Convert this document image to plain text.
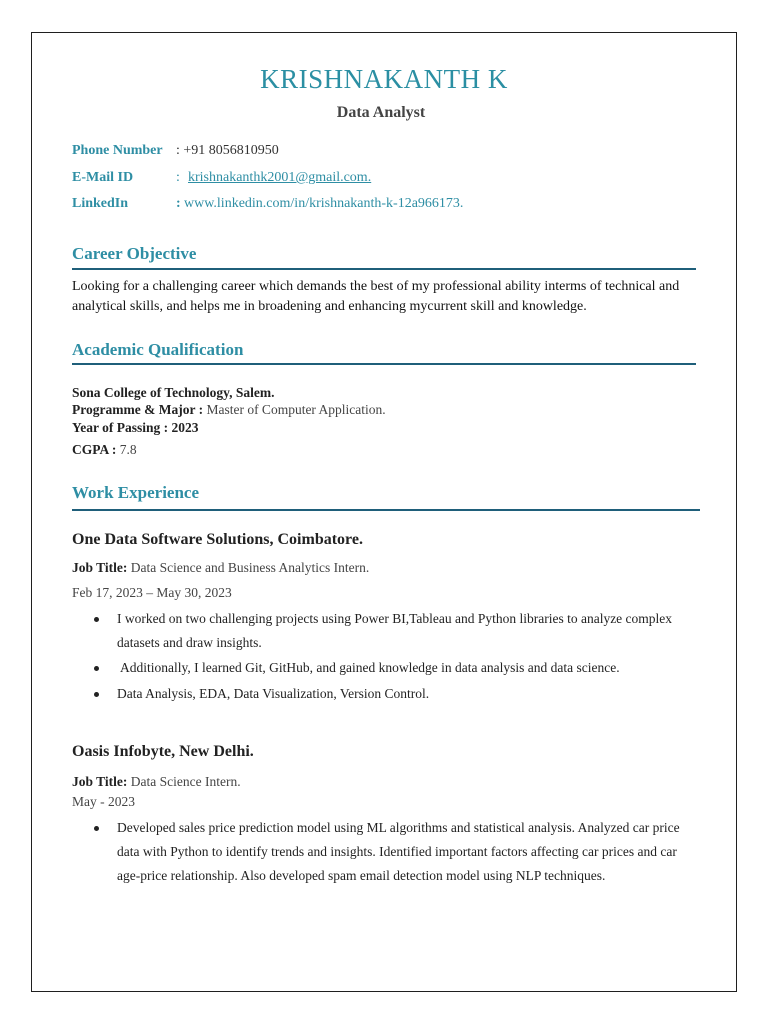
KRISHNAKANTH K
Data Analyst
Phone Number : +91 8056810950
E-Mail ID	: krishnakanthk2001@gmail.com.
LinkedIn	: www.linkedin.com/in/krishnakanth-k-12a966173.
Career Objective
Looking for a challenging career which demands the best of my professional ability interms of technical and analytical skills, and helps me in broadening and enhancing mycurrent skill and knowledge.
Academic Qualification
Sona College of Technology, Salem.
Programme & Major : Master of Computer Application.
Year of Passing : 2023
CGPA : 7.8
Work Experience
One Data Software Solutions, Coimbatore.
Job Title: Data Science and Business Analytics Intern.
Feb 17, 2023 – May 30, 2023
I worked on two challenging projects using Power BI,Tableau and Python libraries to analyze complex datasets and draw insights.
Additionally, I learned Git, GitHub, and gained knowledge in data analysis and data science.
Data Analysis, EDA, Data Visualization, Version Control.
Oasis Infobyte, New Delhi.
Job Title: Data Science Intern.
May - 2023
Developed sales price prediction model using ML algorithms and statistical analysis. Analyzed car price data with Python to identify trends and insights. Identified important factors affecting car prices and car age-price relationship. Also developed spam email detection model using NLP techniques.
